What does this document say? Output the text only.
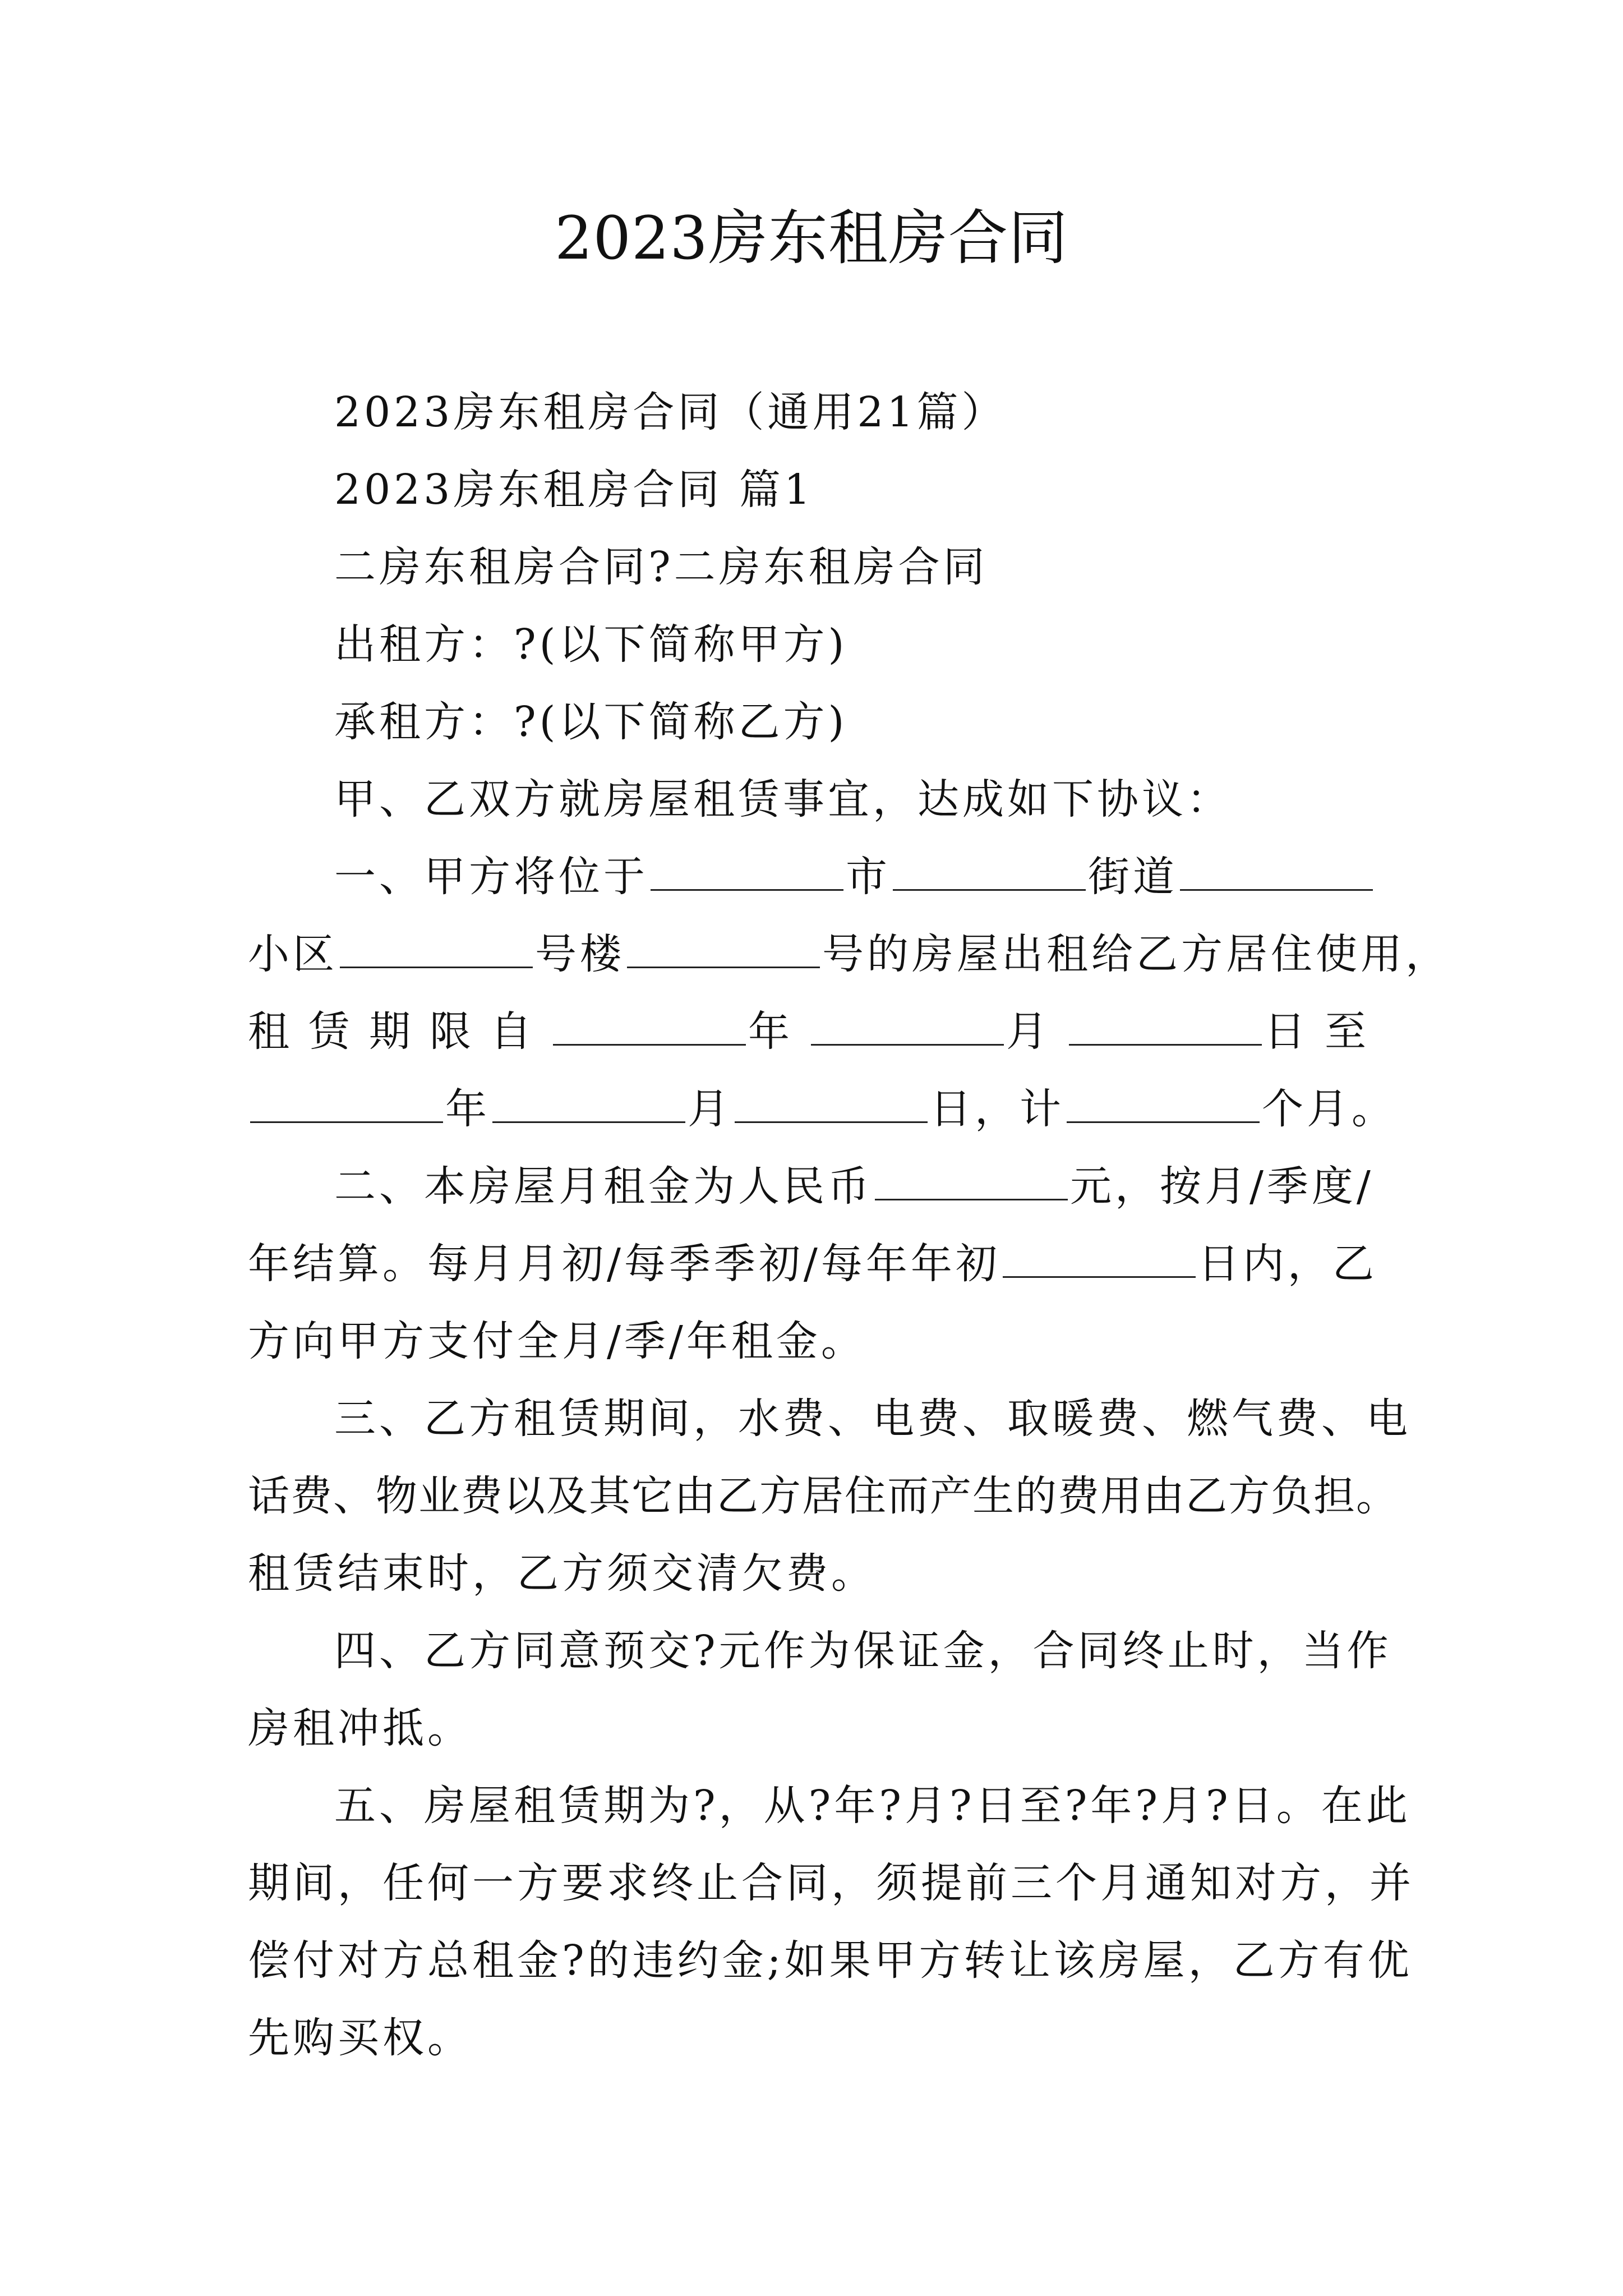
2023房东租房合同
2023房东租房合同（通用21篇）
2023房东租房合同 篇1
二房东租房合同?二房东租房合同
出租方：?(以下简称甲方)
承租方：?(以下简称乙方)
甲、乙双方就房屋租赁事宜，达成如下协议：
一、甲方将位于	市	街道
小区	号楼	号的房屋出租给乙方居住使用，
租赁期限自	年	月	日至
年	月	日，计	个月。
二、本房屋月租金为人民币	元，按月/季度/
年结算。每月月初/每季季初/每年年初	日内，乙
方向甲方支付全月/季/年租金。
三、乙方租赁期间，水费、电费、取暖费、燃气费、电
话费、物业费以及其它由乙方居住而产生的费用由乙方负担。
租赁结束时，乙方须交清欠费。
四、乙方同意预交?元作为保证金，合同终止时，当作
房租冲抵。
五、房屋租赁期为?，从?年?月?日至?年?月?日。在此
期间，任何一方要求终止合同，须提前三个月通知对方，并
偿付对方总租金?的违约金;如果甲方转让该房屋，乙方有优
先购买权。
